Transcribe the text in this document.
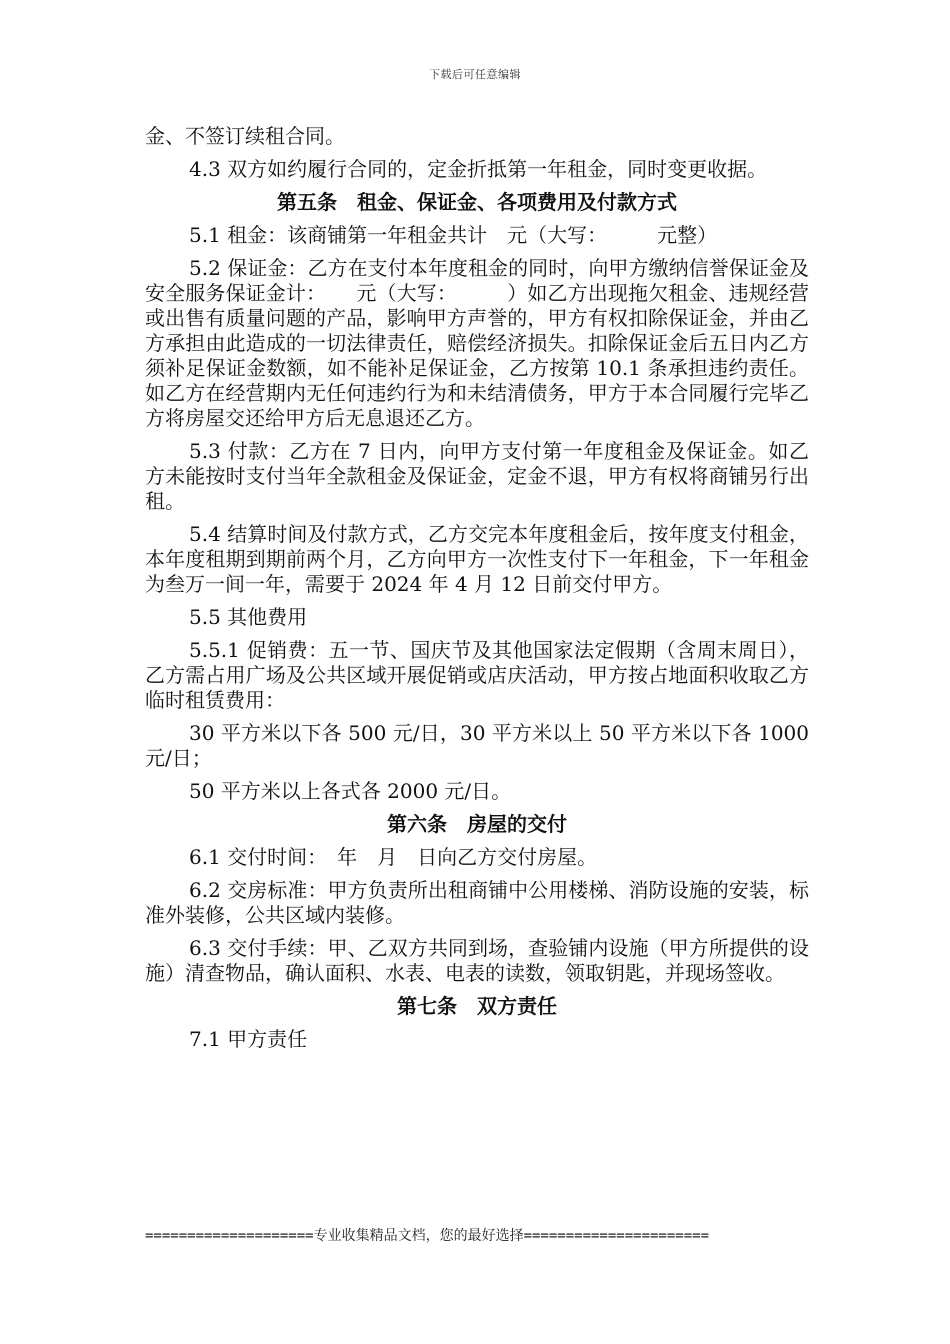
下载后可任意编辑

金、不签订续租合同。

4.3 双方如约履行合同的，定金折抵第一年租金，同时变更收据。

第五条　租金、保证金、各项费用及付款方式

5.1 租金：该商铺第一年租金共计　元（大写：　　　元整）

5.2 保证金：乙方在支付本年度租金的同时，向甲方缴纳信誉保证金及安全服务保证金计：　　元（大写：　　　）如乙方出现拖欠租金、违规经营或出售有质量问题的产品，影响甲方声誉的，甲方有权扣除保证金，并由乙方承担由此造成的一切法律责任，赔偿经济损失。扣除保证金后五日内乙方须补足保证金数额，如不能补足保证金，乙方按第 10.1 条承担违约责任。如乙方在经营期内无任何违约行为和未结清债务，甲方于本合同履行完毕乙方将房屋交还给甲方后无息退还乙方。

5.3 付款：乙方在 7 日内，向甲方支付第一年度租金及保证金。如乙方未能按时支付当年全款租金及保证金，定金不退，甲方有权将商铺另行出租。

5.4 结算时间及付款方式，乙方交完本年度租金后，按年度支付租金，本年度租期到期前两个月，乙方向甲方一次性支付下一年租金，下一年租金为叁万一间一年，需要于 2024 年 4 月 12 日前交付甲方。

5.5 其他费用

5.5.1 促销费：五一节、国庆节及其他国家法定假期（含周末周日），乙方需占用广场及公共区域开展促销或店庆活动，甲方按占地面积收取乙方临时租赁费用：

30 平方米以下各 500 元/日，30 平方米以上 50 平方米以下各 1000 元/日；

50 平方米以上各式各 2000 元/日。

第六条　房屋的交付

6.1 交付时间：　年　月　日向乙方交付房屋。

6.2 交房标准：甲方负责所出租商铺中公用楼梯、消防设施的安装，标准外装修，公共区域内装修。

6.3 交付手续：甲、乙双方共同到场，查验铺内设施（甲方所提供的设施）清查物品，确认面积、水表、电表的读数，领取钥匙，并现场签收。

第七条　双方责任

7.1 甲方责任

====================专业收集精品文档，您的最好选择======================
